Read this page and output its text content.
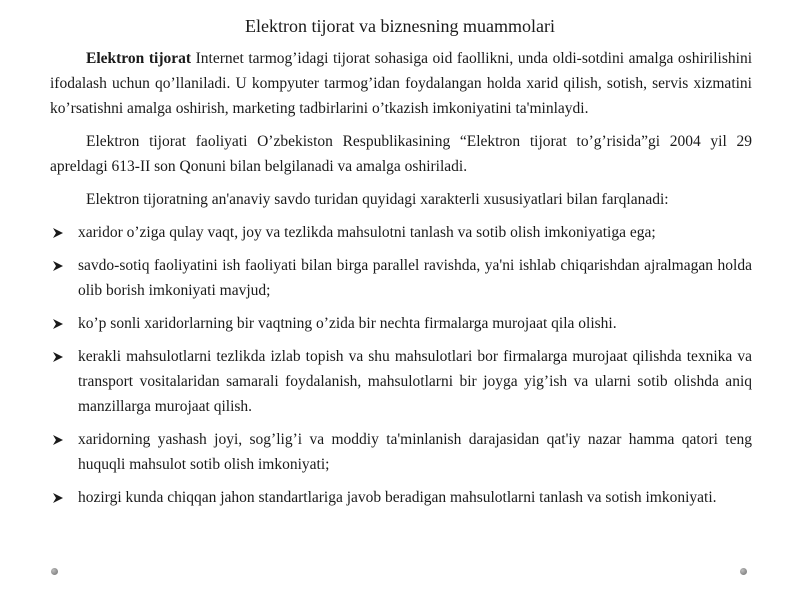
Elektron tijorat va biznesning muammolari

Elektron tijorat Internet tarmog’idagi tijorat sohasiga oid faollikni, unda oldi-sotdini amalga oshirilishini ifodalash uchun qo’llaniladi. U kompyuter tarmog’idan foydalangan holda xarid qilish, sotish, servis xizmatini ko’rsatishni amalga oshirish, marketing tadbirlarini o’tkazish imkoniyatini ta'minlaydi.

Elektron tijorat faoliyati O’zbekiston Respublikasining “Elektron tijorat to’g’risida”gi 2004 yil 29 apreldagi 613-II son Qonuni bilan belgilanadi va amalga oshiriladi.

Elektron tijoratning an'anaviy savdo turidan quyidagi xarakterli xususiyatlari bilan farqlanadi:

xaridor o’ziga qulay vaqt, joy va tezlikda mahsulotni tanlash va sotib olish imkoniyatiga ega;
savdo-sotiq faoliyatini ish faoliyati bilan birga parallel ravishda, ya'ni ishlab chiqarishdan ajralmagan holda olib borish imkoniyati mavjud;
ko’p sonli xaridorlarning bir vaqtning o’zida bir nechta firmalarga murojaat qila olishi.
kerakli mahsulotlarni tezlikda izlab topish va shu mahsulotlari bor firmalarga murojaat qilishda texnika va transport vositalaridan samarali foydalanish, mahsulotlarni bir joyga yig’ish va ularni sotib olishda aniq manzillarga murojaat qilish.
xaridorning yashash joyi, sog’lig’i va moddiy ta'minlanish darajasidan qat'iy nazar hamma qatori teng huquqli mahsulot sotib olish imkoniyati;
hozirgi kunda chiqqan jahon standartlariga javob beradigan mahsulotlarni tanlash va sotish imkoniyati.
